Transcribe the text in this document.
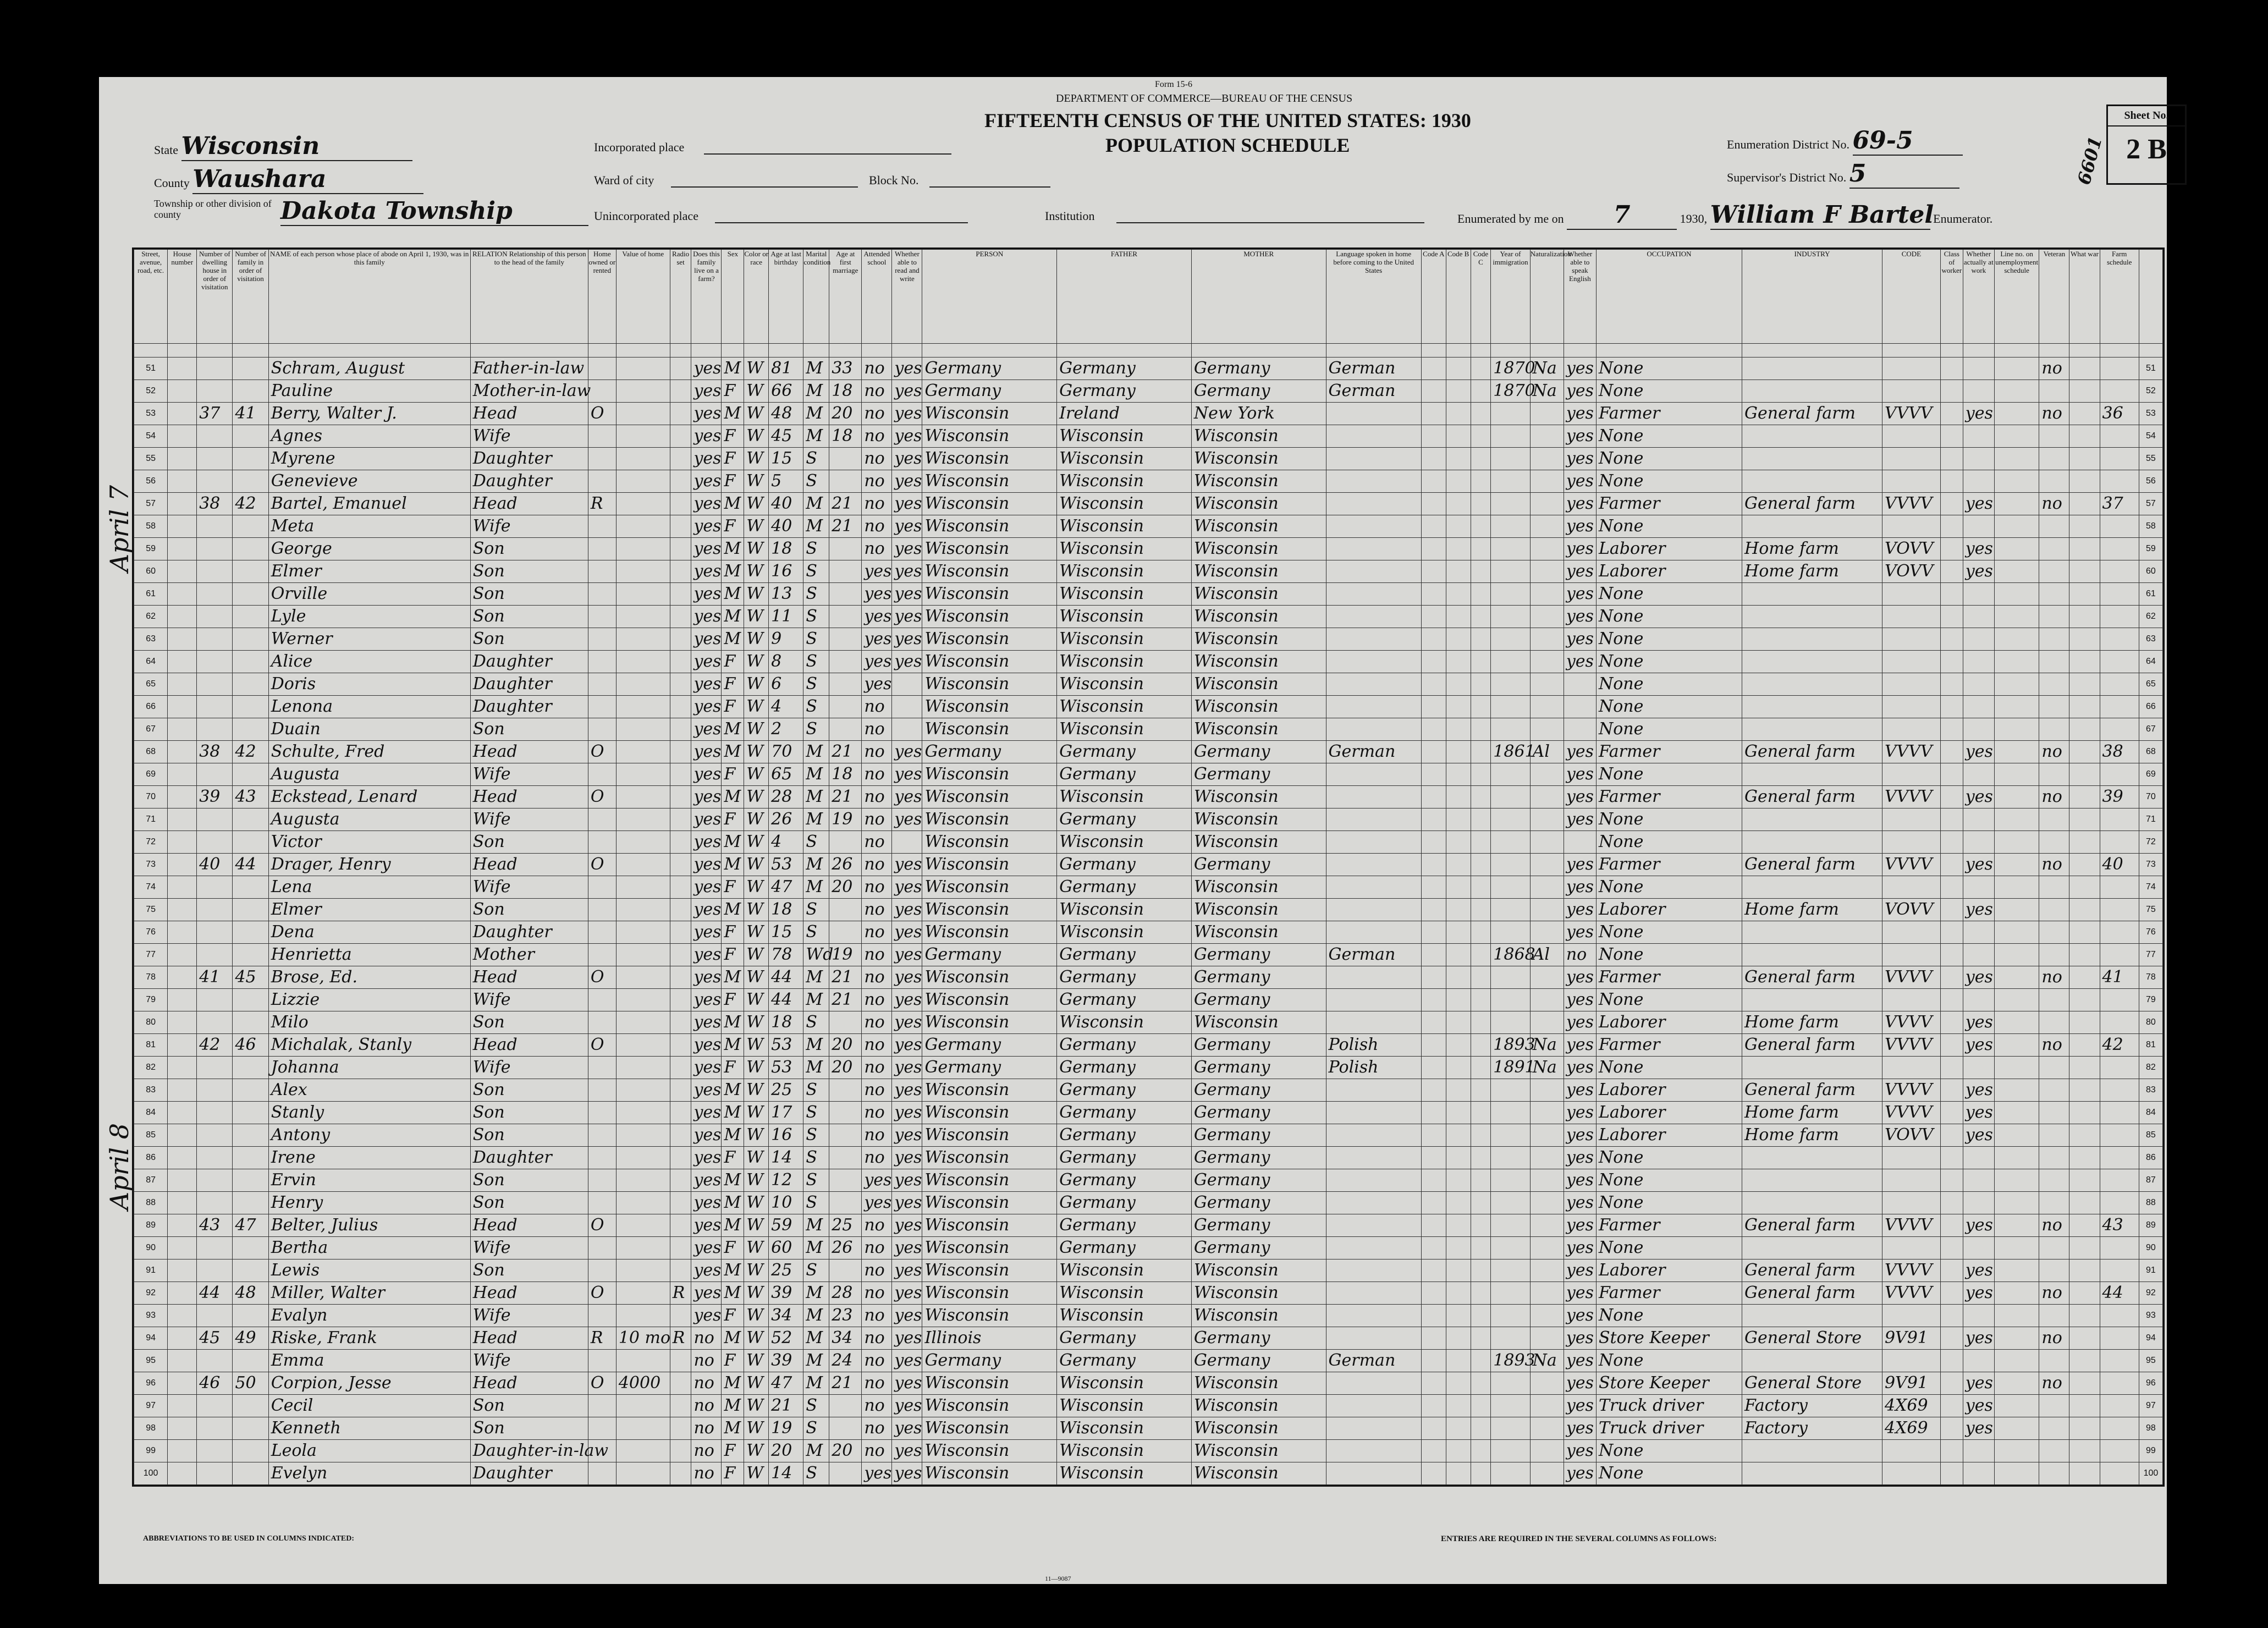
Form 15-6
DEPARTMENT OF COMMERCE—BUREAU OF THE CENSUS
FIFTEENTH CENSUS OF THE UNITED STATES: 1930
POPULATION SCHEDULE
State Wisconsin
County Waushara
Township or other division of county	Dakota Township
Incorporated place
Ward of city	Block No.
Unincorporated place	Institution
Enumeration District No. 69-5
Supervisor's District No. 5
Enumerated by me on 7	1930, William F Bartel Enumerator.
Sheet No.
2 B
6601
April 7
April 8
Street, avenue, road, etc.	House number	Number of dwelling house in order of visitation	Number of family in order of visitation	NAME of each person whose place of abode on April 1, 1930, was in this family	RELATION Relationship of this person to the head of the family	Home owned or rented	Value of home	Radio set	Does this family live on a farm?	Sex	Color or race	Age at last birthday	Marital condition	Age at first marriage	Attended school	Whether able to read and write	PERSON	FATHER	MOTHER	Language spoken in home before coming to the United States	Code A	Code B	Code C	Year of immigration	Naturalization	Whether able to speak English	OCCUPATION	INDUSTRY	CODE	Class of worker	Whether actually at work	Line no. on unemployment schedule	Veteran	What war	Farm schedule	

51				Schram, August	Father-in-law				yes	M	W	81	M	33	no	yes	Germany	Germany	Germany	German				1870	Na	yes	None						no			51
52				Pauline	Mother-in-law				yes	F	W	66	M	18	no	yes	Germany	Germany	Germany	German				1870	Na	yes	None									52
53		37	41	Berry, Walter J.	Head	O			yes	M	W	48	M	20	no	yes	Wisconsin	Ireland	New York							yes	Farmer	General farm	VVVV		yes		no		36	53
54				Agnes	Wife				yes	F	W	45	M	18	no	yes	Wisconsin	Wisconsin	Wisconsin							yes	None									54
55				Myrene	Daughter				yes	F	W	15	S		no	yes	Wisconsin	Wisconsin	Wisconsin							yes	None									55
56				Genevieve	Daughter				yes	F	W	5	S		no	yes	Wisconsin	Wisconsin	Wisconsin							yes	None									56
57		38	42	Bartel, Emanuel	Head	R			yes	M	W	40	M	21	no	yes	Wisconsin	Wisconsin	Wisconsin							yes	Farmer	General farm	VVVV		yes		no		37	57
58				Meta	Wife				yes	F	W	40	M	21	no	yes	Wisconsin	Wisconsin	Wisconsin							yes	None									58
59				George	Son				yes	M	W	18	S		no	yes	Wisconsin	Wisconsin	Wisconsin							yes	Laborer	Home farm	VOVV		yes					59
60				Elmer	Son				yes	M	W	16	S		yes	yes	Wisconsin	Wisconsin	Wisconsin							yes	Laborer	Home farm	VOVV		yes					60
61				Orville	Son				yes	M	W	13	S		yes	yes	Wisconsin	Wisconsin	Wisconsin							yes	None									61
62				Lyle	Son				yes	M	W	11	S		yes	yes	Wisconsin	Wisconsin	Wisconsin							yes	None									62
63				Werner	Son				yes	M	W	9	S		yes	yes	Wisconsin	Wisconsin	Wisconsin							yes	None									63
64				Alice	Daughter				yes	F	W	8	S		yes	yes	Wisconsin	Wisconsin	Wisconsin							yes	None									64
65				Doris	Daughter				yes	F	W	6	S		yes		Wisconsin	Wisconsin	Wisconsin								None									65
66				Lenona	Daughter				yes	F	W	4	S		no		Wisconsin	Wisconsin	Wisconsin								None									66
67				Duain	Son				yes	M	W	2	S		no		Wisconsin	Wisconsin	Wisconsin								None									67
68		38	42	Schulte, Fred	Head	O			yes	M	W	70	M	21	no	yes	Germany	Germany	Germany	German				1861	Al	yes	Farmer	General farm	VVVV		yes		no		38	68
69				Augusta	Wife				yes	F	W	65	M	18	no	yes	Wisconsin	Germany	Germany							yes	None									69
70		39	43	Eckstead, Lenard	Head	O			yes	M	W	28	M	21	no	yes	Wisconsin	Wisconsin	Wisconsin							yes	Farmer	General farm	VVVV		yes		no		39	70
71				Augusta	Wife				yes	F	W	26	M	19	no	yes	Wisconsin	Germany	Wisconsin							yes	None									71
72				Victor	Son				yes	M	W	4	S		no		Wisconsin	Wisconsin	Wisconsin								None									72
73		40	44	Drager, Henry	Head	O			yes	M	W	53	M	26	no	yes	Wisconsin	Germany	Germany							yes	Farmer	General farm	VVVV		yes		no		40	73
74				Lena	Wife				yes	F	W	47	M	20	no	yes	Wisconsin	Germany	Wisconsin							yes	None									74
75				Elmer	Son				yes	M	W	18	S		no	yes	Wisconsin	Wisconsin	Wisconsin							yes	Laborer	Home farm	VOVV		yes					75
76				Dena	Daughter				yes	F	W	15	S		no	yes	Wisconsin	Wisconsin	Wisconsin							yes	None									76
77				Henrietta	Mother				yes	F	W	78	Wd	19	no	yes	Germany	Germany	Germany	German				1868	Al	no	None									77
78		41	45	Brose, Ed.	Head	O			yes	M	W	44	M	21	no	yes	Wisconsin	Germany	Germany							yes	Farmer	General farm	VVVV		yes		no		41	78
79				Lizzie	Wife				yes	F	W	44	M	21	no	yes	Wisconsin	Germany	Germany							yes	None									79
80				Milo	Son				yes	M	W	18	S		no	yes	Wisconsin	Wisconsin	Wisconsin							yes	Laborer	Home farm	VVVV		yes					80
81		42	46	Michalak, Stanly	Head	O			yes	M	W	53	M	20	no	yes	Germany	Germany	Germany	Polish				1893	Na	yes	Farmer	General farm	VVVV		yes		no		42	81
82				Johanna	Wife				yes	F	W	53	M	20	no	yes	Germany	Germany	Germany	Polish				1891	Na	yes	None									82
83				Alex	Son				yes	M	W	25	S		no	yes	Wisconsin	Germany	Germany							yes	Laborer	General farm	VVVV		yes					83
84				Stanly	Son				yes	M	W	17	S		no	yes	Wisconsin	Germany	Germany							yes	Laborer	Home farm	VVVV		yes					84
85				Antony	Son				yes	M	W	16	S		no	yes	Wisconsin	Germany	Germany							yes	Laborer	Home farm	VOVV		yes					85
86				Irene	Daughter				yes	F	W	14	S		no	yes	Wisconsin	Germany	Germany							yes	None									86
87				Ervin	Son				yes	M	W	12	S		yes	yes	Wisconsin	Germany	Germany							yes	None									87
88				Henry	Son				yes	M	W	10	S		yes	yes	Wisconsin	Germany	Germany							yes	None									88
89		43	47	Belter, Julius	Head	O			yes	M	W	59	M	25	no	yes	Wisconsin	Germany	Germany							yes	Farmer	General farm	VVVV		yes		no		43	89
90				Bertha	Wife				yes	F	W	60	M	26	no	yes	Wisconsin	Germany	Germany							yes	None									90
91				Lewis	Son				yes	M	W	25	S		no	yes	Wisconsin	Wisconsin	Wisconsin							yes	Laborer	General farm	VVVV		yes					91
92		44	48	Miller, Walter	Head	O		R	yes	M	W	39	M	28	no	yes	Wisconsin	Wisconsin	Wisconsin							yes	Farmer	General farm	VVVV		yes		no		44	92
93				Evalyn	Wife				yes	F	W	34	M	23	no	yes	Wisconsin	Wisconsin	Wisconsin							yes	None									93
94		45	49	Riske, Frank	Head	R	10 mo	R	no	M	W	52	M	34	no	yes	Illinois	Germany	Germany							yes	Store Keeper	General Store	9V91		yes		no			94
95				Emma	Wife				no	F	W	39	M	24	no	yes	Germany	Germany	Germany	German				1893	Na	yes	None									95
96		46	50	Corpion, Jesse	Head	O	4000		no	M	W	47	M	21	no	yes	Wisconsin	Wisconsin	Wisconsin							yes	Store Keeper	General Store	9V91		yes		no			96
97				Cecil	Son				no	M	W	21	S		no	yes	Wisconsin	Wisconsin	Wisconsin							yes	Truck driver	Factory	4X69		yes					97
98				Kenneth	Son				no	M	W	19	S		no	yes	Wisconsin	Wisconsin	Wisconsin							yes	Truck driver	Factory	4X69		yes					98
99				Leola	Daughter-in-law				no	F	W	20	M	20	no	yes	Wisconsin	Wisconsin	Wisconsin							yes	None									99
100				Evelyn	Daughter				no	F	W	14	S		yes	yes	Wisconsin	Wisconsin	Wisconsin							yes	None									100
ABBREVIATIONS TO BE USED IN COLUMNS INDICATED:	ENTRIES ARE REQUIRED IN THE SEVERAL COLUMNS AS FOLLOWS:
11—9087
